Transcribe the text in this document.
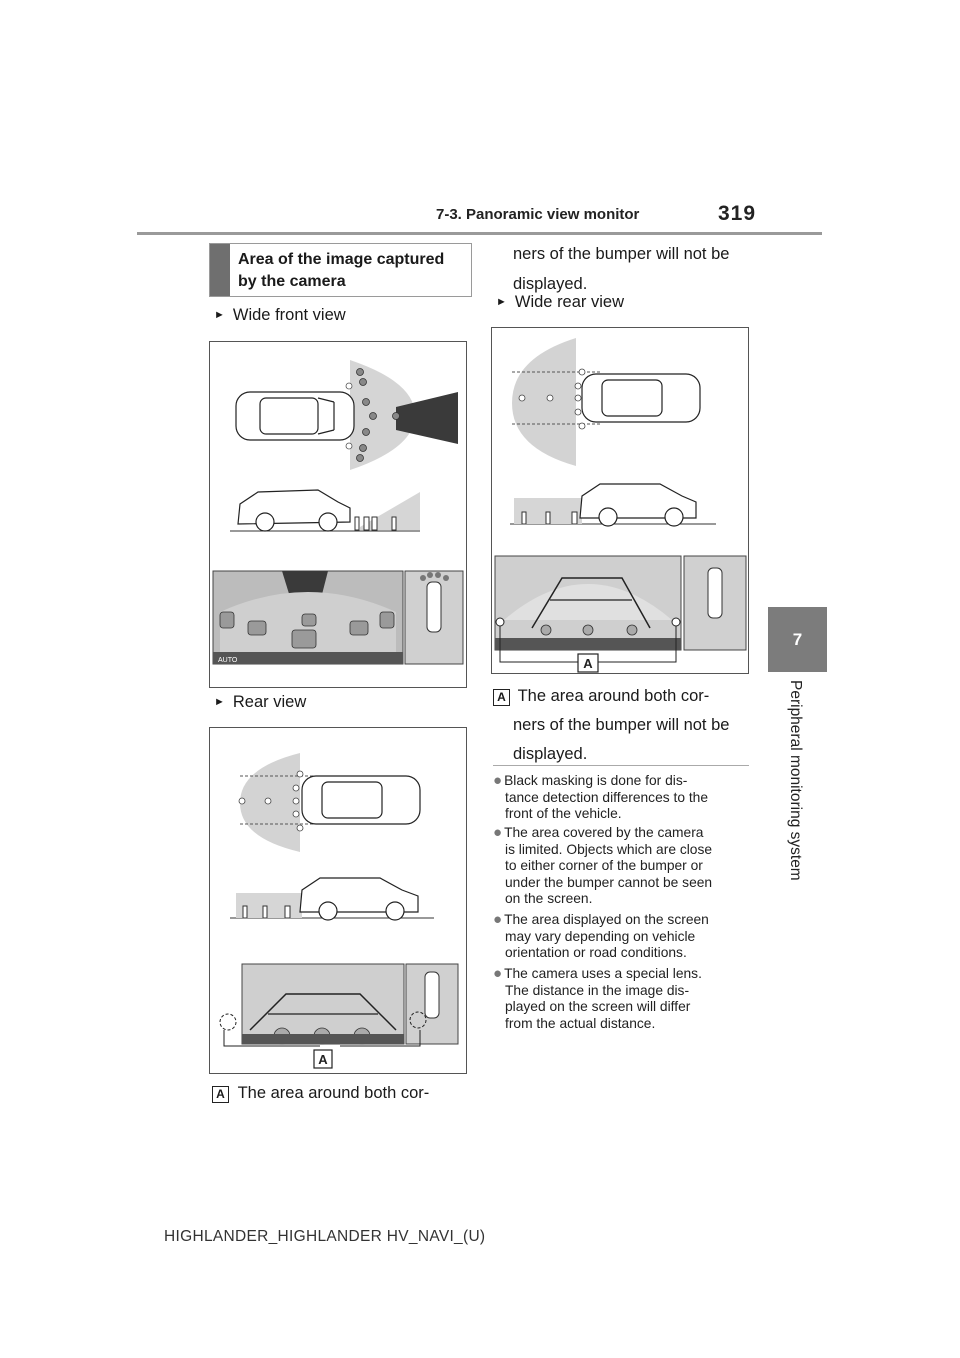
7-3. Panoramic view monitor	319
7
Peripheral monitoring system
Area of the image captured
by the camera
► Wide front view
AUTO
► Rear view
A
A The area around both cor-
ners of the bumper will not be
displayed.
► Wide rear view
A
A The area around both cor-
ners of the bumper will not be
displayed.
● Black masking is done for dis-
tance detection differences to the
front of the vehicle.
● The area covered by the camera
is limited. Objects which are close
to either corner of the bumper or
under the bumper cannot be seen
on the screen.
● The area displayed on the screen
may vary depending on vehicle
orientation or road conditions.
● The camera uses a special lens.
The distance in the image dis-
played on the screen will differ
from the actual distance.
HIGHLANDER_HIGHLANDER HV_NAVI_(U)
